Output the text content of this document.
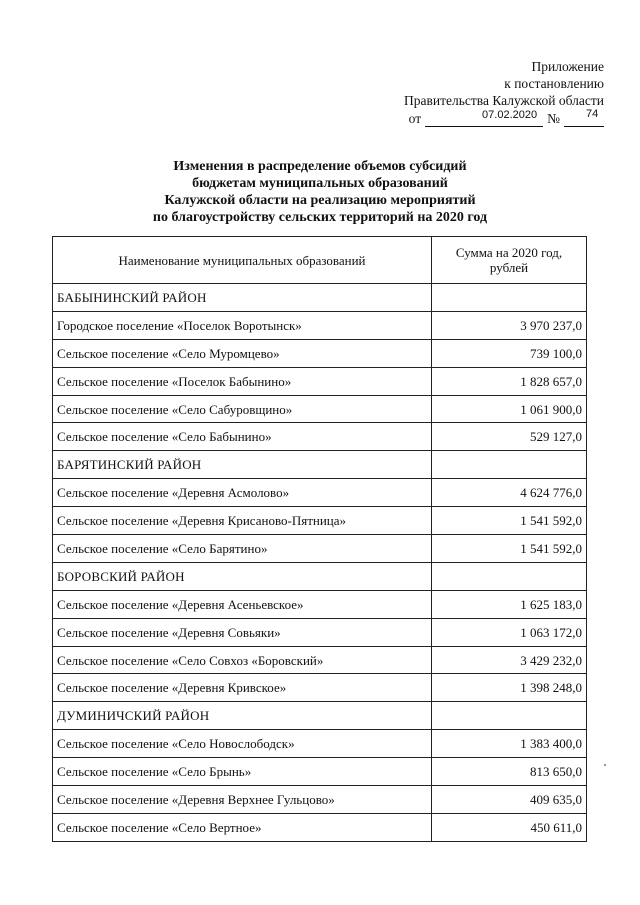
Приложение
к постановлению
Правительства Калужской области
от	07.02.2020 № 74
Изменения в распределение объемов субсидий
бюджетам муниципальных образований
Калужской области на реализацию мероприятий
по благоустройству сельских территорий на 2020 год
Наименование муниципальных образований	Сумма на 2020 год,
рублей
БАБЫНИНСКИЙ РАЙОН	
Городское поселение «Поселок Воротынск»	3 970 237,0
Сельское поселение «Село Муромцево»	739 100,0
Сельское поселение «Поселок Бабынино»	1 828 657,0
Сельское поселение «Село Сабуровщино»	1 061 900,0
Сельское поселение «Село Бабынино»	529 127,0
БАРЯТИНСКИЙ РАЙОН	
Сельское поселение «Деревня Асмолово»	4 624 776,0
Сельское поселение «Деревня Крисаново-Пятница»	1 541 592,0
Сельское поселение «Село Барятино»	1 541 592,0
БОРОВСКИЙ РАЙОН	
Сельское поселение «Деревня Асеньевское»	1 625 183,0
Сельское поселение «Деревня Совьяки»	1 063 172,0
Сельское поселение «Село Совхоз «Боровский»	3 429 232,0
Сельское поселение «Деревня Кривское»	1 398 248,0
ДУМИНИЧСКИЙ РАЙОН	
Сельское поселение «Село Новослободск»	1 383 400,0
Сельское поселение «Село Брынь»	813 650,0
Сельское поселение «Деревня Верхнее Гульцово»	409 635,0
Сельское поселение «Село Вертное»	450 611,0
